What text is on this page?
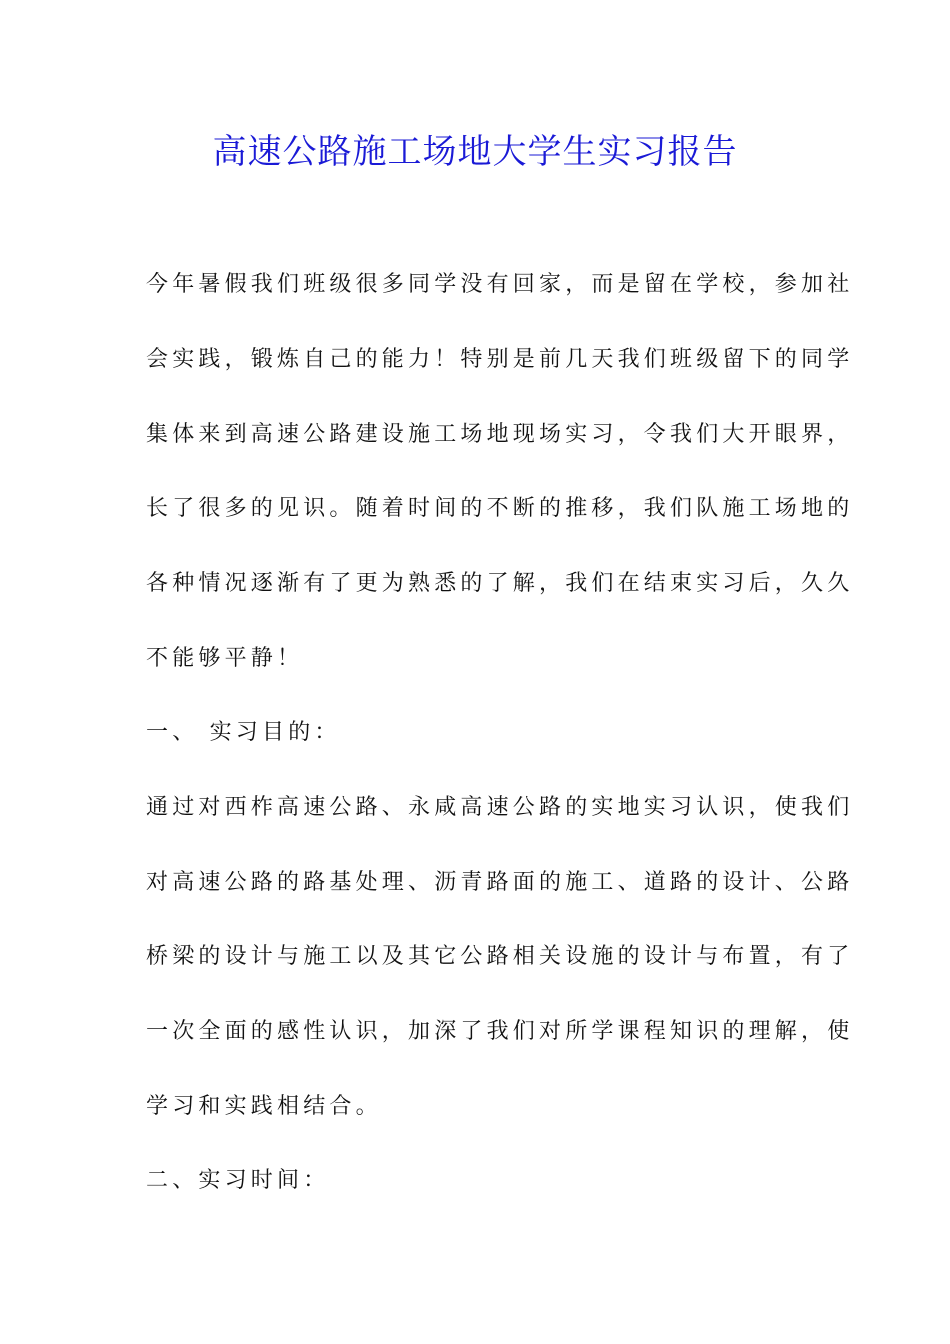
高速公路施工场地大学生实习报告

今年暑假我们班级很多同学没有回家，而是留在学校，参加社

会实践，锻炼自己的能力！特别是前几天我们班级留下的同学

集体来到高速公路建设施工场地现场实习，令我们大开眼界，

长了很多的见识。随着时间的不断的推移，我们队施工场地的

各种情况逐渐有了更为熟悉的了解，我们在结束实习后，久久

不能够平静！

一、 实习目的：

通过对西柞高速公路、永咸高速公路的实地实习认识，使我们

对高速公路的路基处理、沥青路面的施工、道路的设计、公路

桥梁的设计与施工以及其它公路相关设施的设计与布置，有了

一次全面的感性认识，加深了我们对所学课程知识的理解，使

学习和实践相结合。

二、实习时间：
